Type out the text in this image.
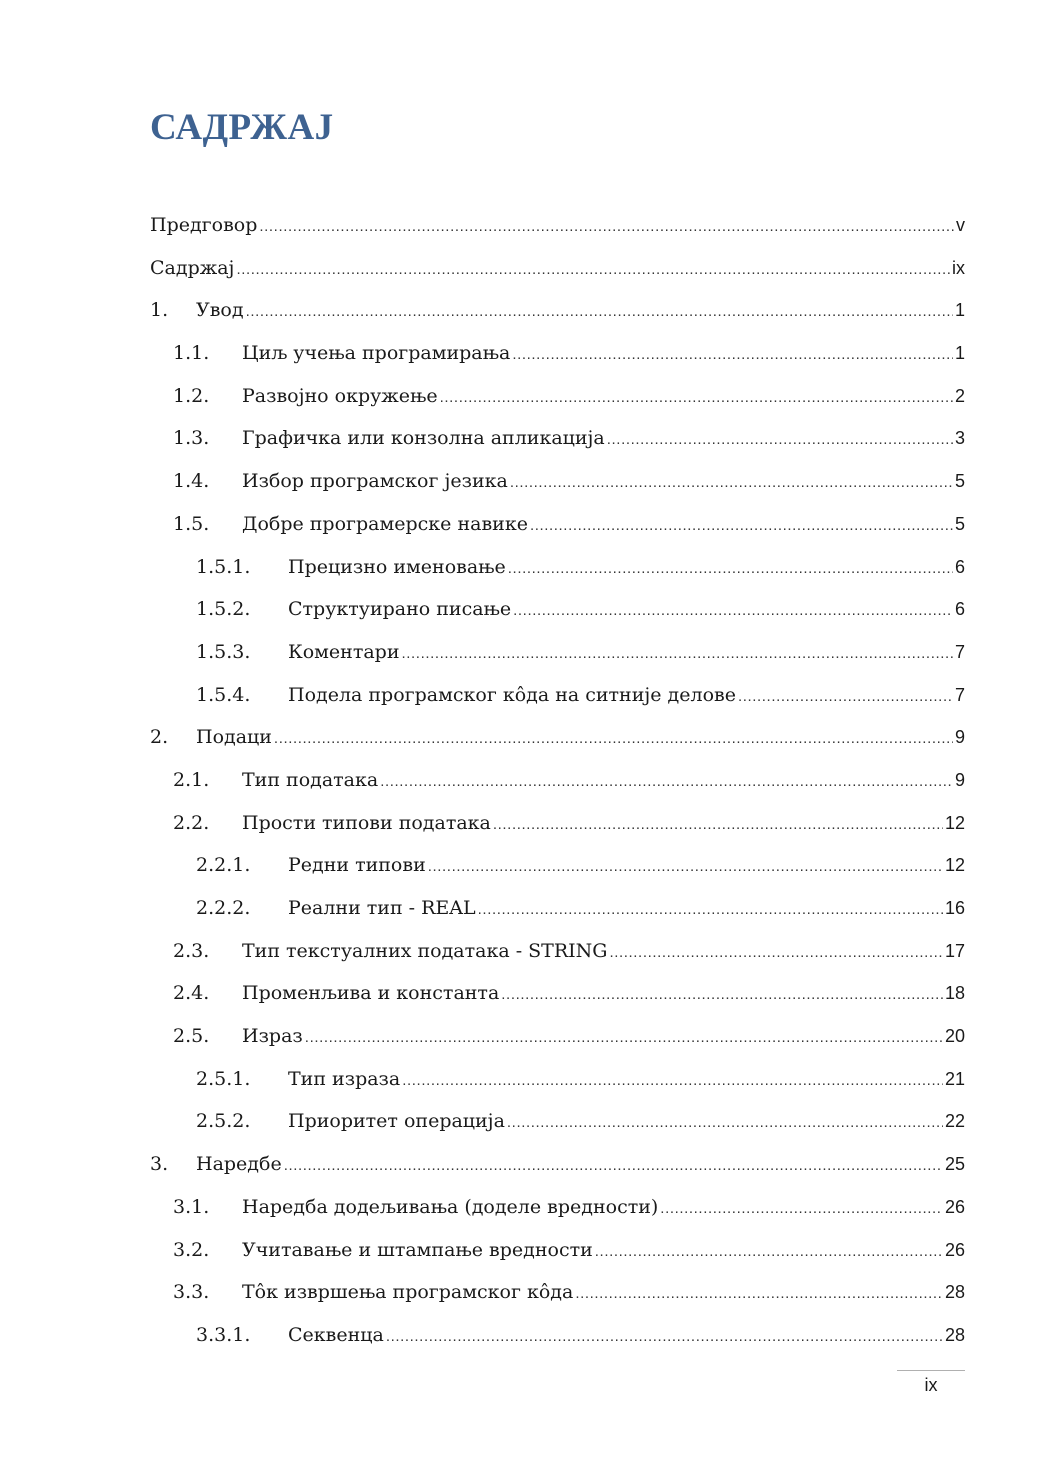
САДРЖАЈ
Предговор .....	v
Садржај .....	ix
1.	Увод .....	1
1.1.	Циљ учења програмирања .....	1
1.2.	Развојно окружење .....	2
1.3.	Графичка или конзолна апликација .....	3
1.4.	Избор програмског језика .....	5
1.5.	Добре програмерске навике .....	5
1.5.1.	Прецизно именовање .....	6
1.5.2.	Структуирано писање .....	6
1.5.3.	Коментари .....	7
1.5.4.	Подела програмског кôда на ситније делове .....	7
2.	Подаци .....	9
2.1.	Тип података .....	9
2.2.	Прости типови података .....	12
2.2.1.	Редни типови .....	12
2.2.2.	Реални тип - REAL .....	16
2.3.	Тип текстуалних података - STRING .....	17
2.4.	Променљива и константа .....	18
2.5.	Израз .....	20
2.5.1.	Тип израза .....	21
2.5.2.	Приоритет операција .....	22
3.	Наредбе .....	25
3.1.	Наредба додељивања (доделе вредности) .....	26
3.2.	Учитавање и штампање вредности .....	26
3.3.	Тôк извршења програмског кôда .....	28
3.3.1.	Секвенца .....	28
ix
